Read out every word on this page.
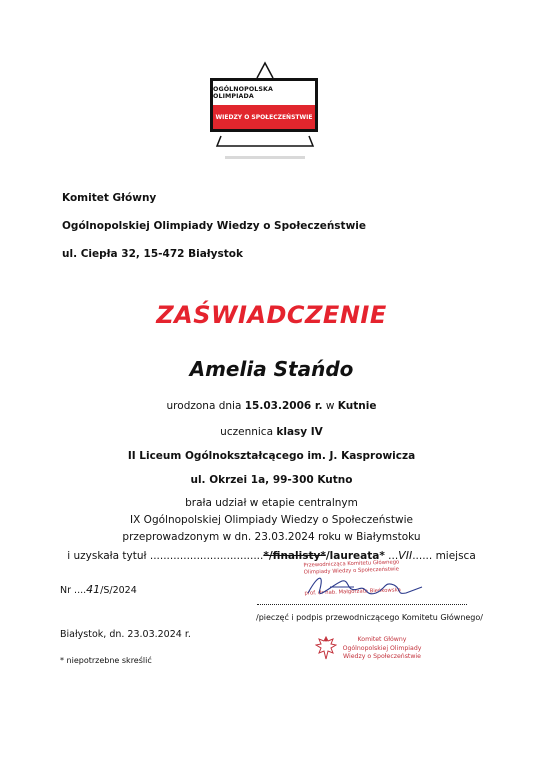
OGÓLNOPOLSKA OLIMPIADA
WIEDZY O SPOŁECZEŃSTWIE
Komitet Główny
Ogólnopolskiej Olimpiady Wiedzy o Społeczeństwie
ul. Ciepła 32, 15-472 Białystok
ZAŚWIADCZENIE
Amelia Stańdo
urodzona dnia 15.03.2006 r. w Kutnie
uczennica klasy IV
II Liceum Ogólnokształcącego im. J. Kasprowicza
ul. Okrzei 1a, 99-300 Kutno
brała udział w etapie centralnym
IX Ogólnopolskiej Olimpiady Wiedzy o Społeczeństwie
przeprowadzonym w dn. 23.03.2024 roku w Białymstoku
i uzyskała tytuł ..................................*/finalisty*/laureata* ...VII...... miejsca
Nr ....41/S/2024
Przewodnicząca Komitetu Głównego
Olimpiady Wiedzy o Społeczeństwie
prof. dr hab. Małgorzata Bieńkowska
/pieczęć i podpis przewodniczącego Komitetu Głównego/
Białystok, dn. 23.03.2024 r.
* niepotrzebne skreślić
Komitet Główny
Ogólnopolskiej Olimpiady
Wiedzy o Społeczeństwie
